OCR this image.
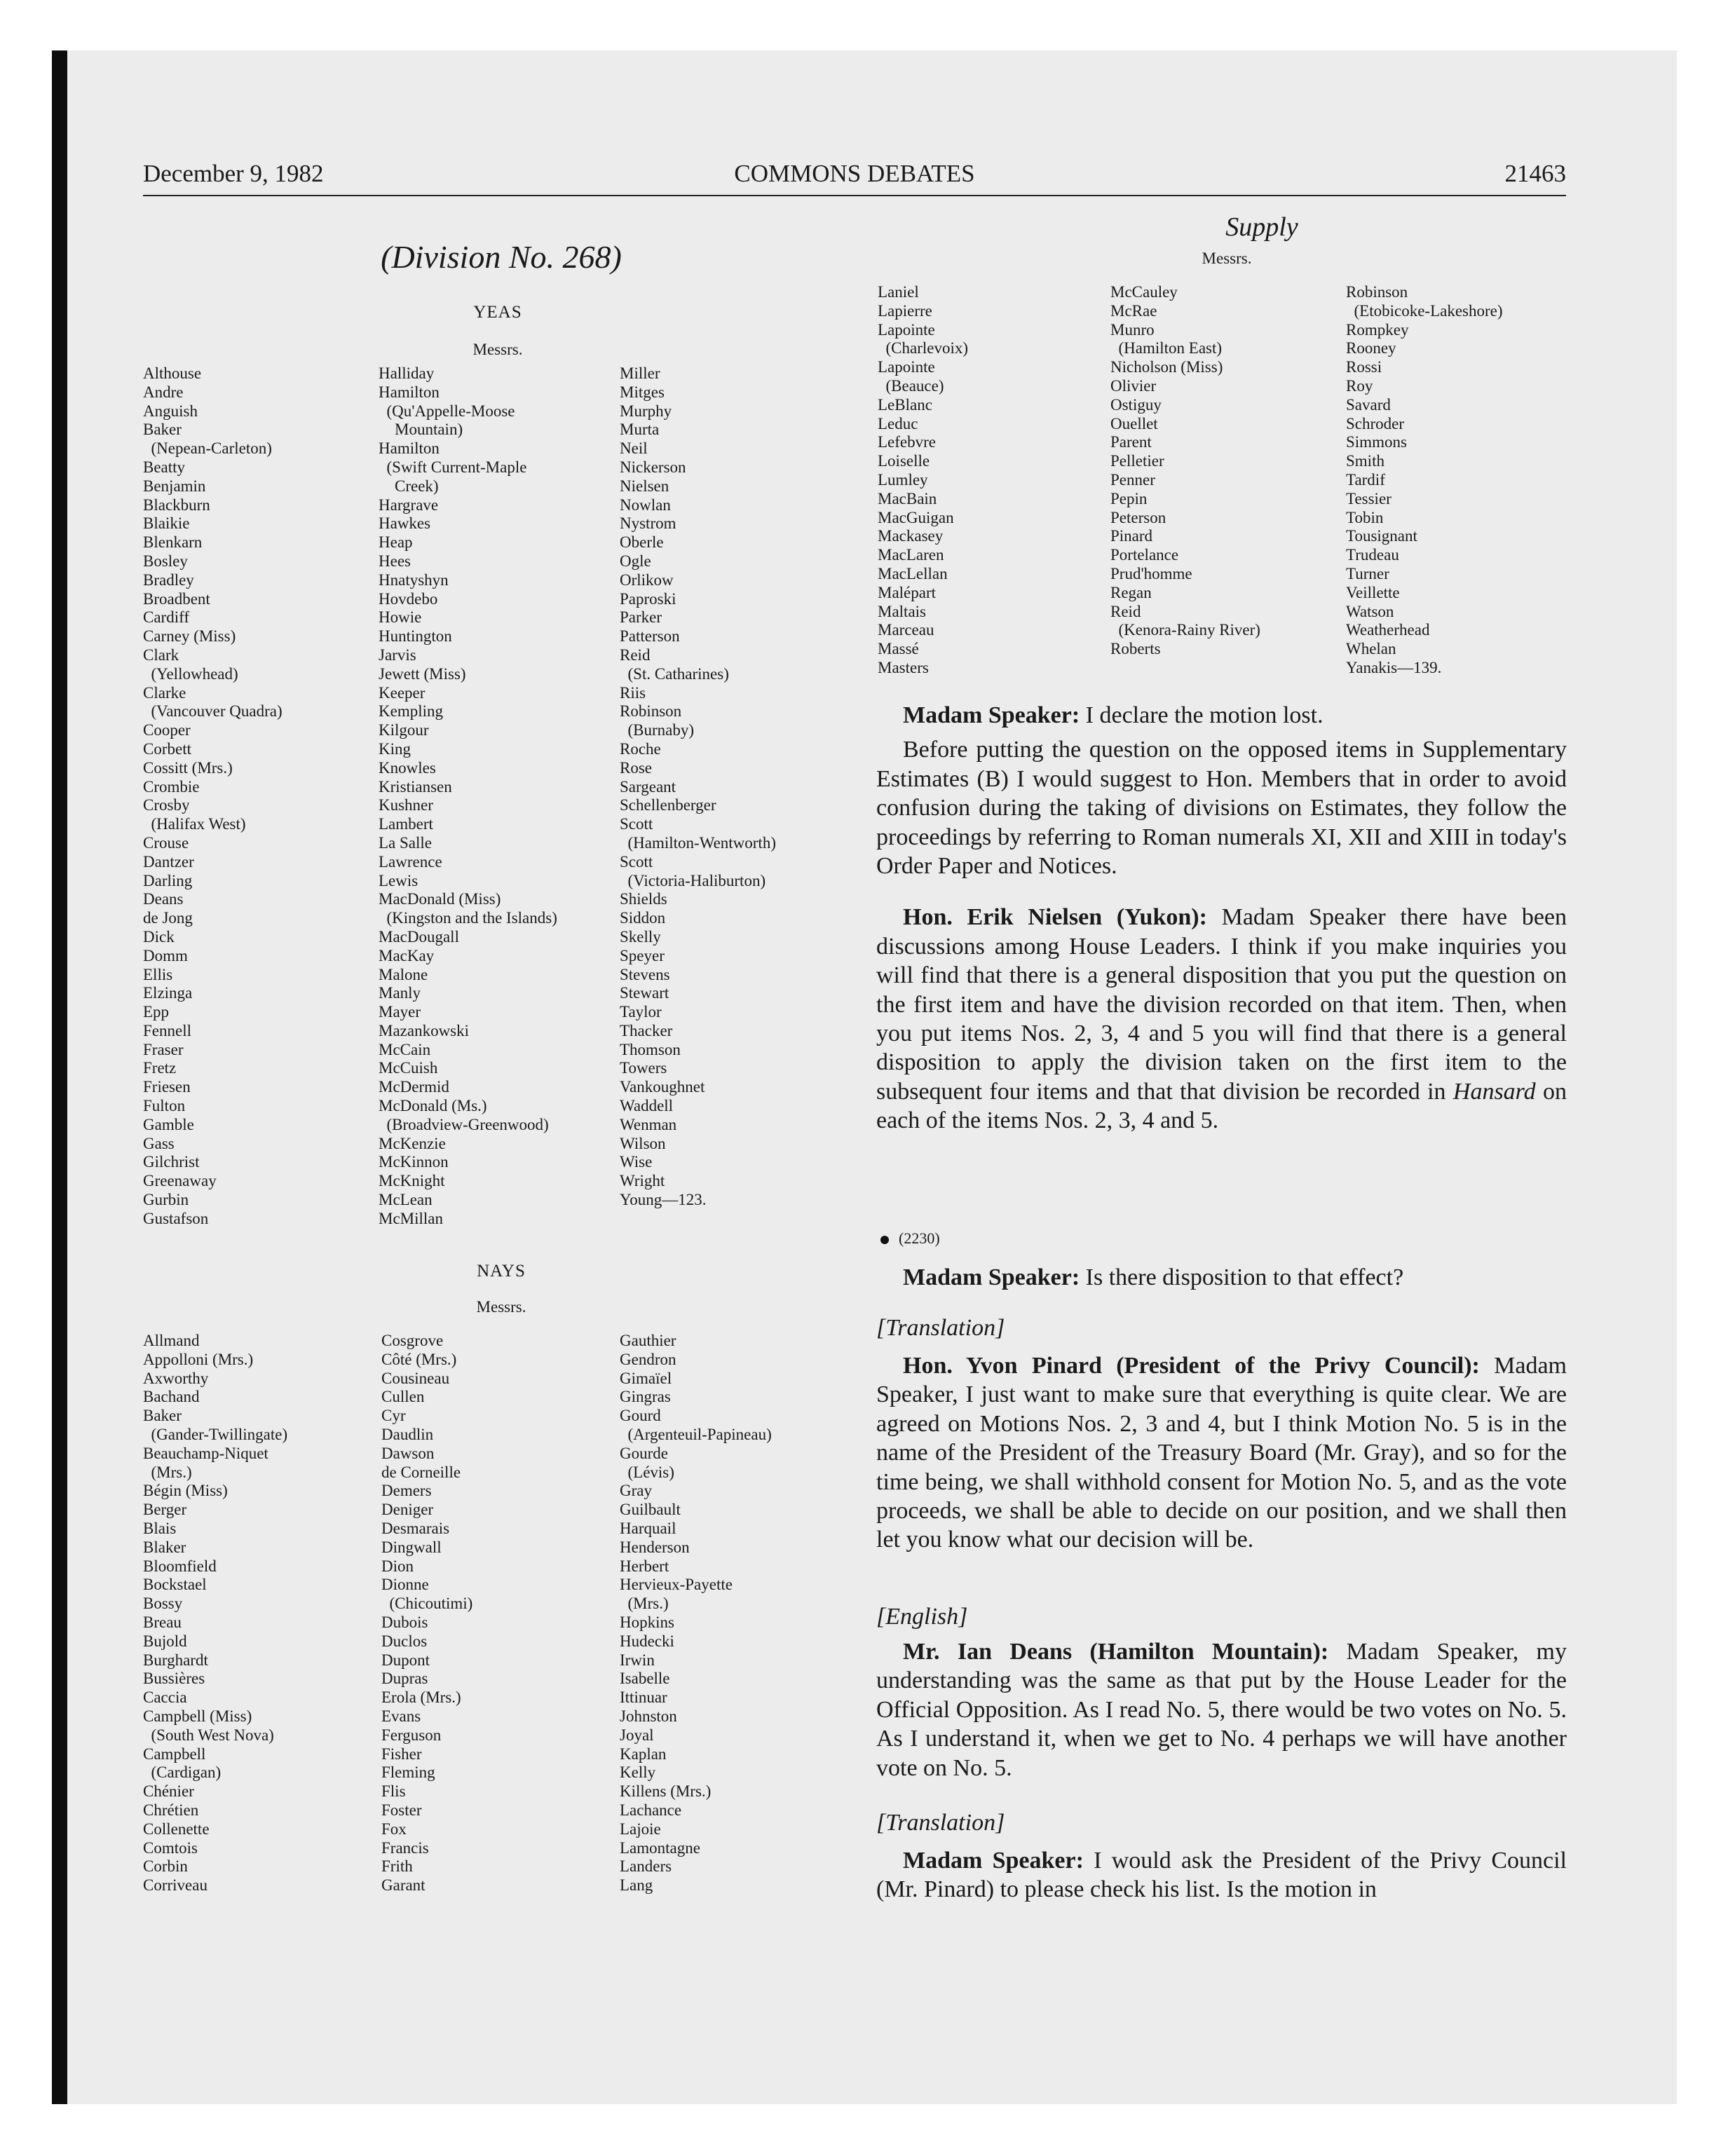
December 9, 1982	COMMONS DEBATES	21463
(Division No. 268)
YEAS
Messrs.
Althouse
Andre
Anguish
Baker
(Nepean-Carleton)
Beatty
Benjamin
Blackburn
Blaikie
Blenkarn
Bosley
Bradley
Broadbent
Cardiff
Carney (Miss)
Clark
(Yellowhead)
Clarke
(Vancouver Quadra)
Cooper
Corbett
Cossitt (Mrs.)
Crombie
Crosby
(Halifax West)
Crouse
Dantzer
Darling
Deans
de Jong
Dick
Domm
Ellis
Elzinga
Epp
Fennell
Fraser
Fretz
Friesen
Fulton
Gamble
Gass
Gilchrist
Greenaway
Gurbin
Gustafson
Halliday
Hamilton
(Qu'Appelle-Moose
Mountain)
Hamilton
(Swift Current-Maple
Creek)
Hargrave
Hawkes
Heap
Hees
Hnatyshyn
Hovdebo
Howie
Huntington
Jarvis
Jewett (Miss)
Keeper
Kempling
Kilgour
King
Knowles
Kristiansen
Kushner
Lambert
La Salle
Lawrence
Lewis
MacDonald (Miss)
(Kingston and the Islands)
MacDougall
MacKay
Malone
Manly
Mayer
Mazankowski
McCain
McCuish
McDermid
McDonald (Ms.)
(Broadview-Greenwood)
McKenzie
McKinnon
McKnight
McLean
McMillan
Miller
Mitges
Murphy
Murta
Neil
Nickerson
Nielsen
Nowlan
Nystrom
Oberle
Ogle
Orlikow
Paproski
Parker
Patterson
Reid
(St. Catharines)
Riis
Robinson
(Burnaby)
Roche
Rose
Sargeant
Schellenberger
Scott
(Hamilton-Wentworth)
Scott
(Victoria-Haliburton)
Shields
Siddon
Skelly
Speyer
Stevens
Stewart
Taylor
Thacker
Thomson
Towers
Vankoughnet
Waddell
Wenman
Wilson
Wise
Wright
Young—123.
NAYS
Messrs.
Allmand
Appolloni (Mrs.)
Axworthy
Bachand
Baker
(Gander-Twillingate)
Beauchamp-Niquet
(Mrs.)
Bégin (Miss)
Berger
Blais
Blaker
Bloomfield
Bockstael
Bossy
Breau
Bujold
Burghardt
Bussières
Caccia
Campbell (Miss)
(South West Nova)
Campbell
(Cardigan)
Chénier
Chrétien
Collenette
Comtois
Corbin
Corriveau
Cosgrove
Côté (Mrs.)
Cousineau
Cullen
Cyr
Daudlin
Dawson
de Corneille
Demers
Deniger
Desmarais
Dingwall
Dion
Dionne
(Chicoutimi)
Dubois
Duclos
Dupont
Dupras
Erola (Mrs.)
Evans
Ferguson
Fisher
Fleming
Flis
Foster
Fox
Francis
Frith
Garant
Gauthier
Gendron
Gimaïel
Gingras
Gourd
(Argenteuil-Papineau)
Gourde
(Lévis)
Gray
Guilbault
Harquail
Henderson
Herbert
Hervieux-Payette
(Mrs.)
Hopkins
Hudecki
Irwin
Isabelle
Ittinuar
Johnston
Joyal
Kaplan
Kelly
Killens (Mrs.)
Lachance
Lajoie
Lamontagne
Landers
Lang
Supply
Messrs.
Laniel
Lapierre
Lapointe
(Charlevoix)
Lapointe
(Beauce)
LeBlanc
Leduc
Lefebvre
Loiselle
Lumley
MacBain
MacGuigan
Mackasey
MacLaren
MacLellan
Malépart
Maltais
Marceau
Massé
Masters
McCauley
McRae
Munro
(Hamilton East)
Nicholson (Miss)
Olivier
Ostiguy
Ouellet
Parent
Pelletier
Penner
Pepin
Peterson
Pinard
Portelance
Prud'homme
Regan
Reid
(Kenora-Rainy River)
Roberts
Robinson
(Etobicoke-Lakeshore)
Rompkey
Rooney
Rossi
Roy
Savard
Schroder
Simmons
Smith
Tardif
Tessier
Tobin
Tousignant
Trudeau
Turner
Veillette
Watson
Weatherhead
Whelan
Yanakis—139.

Madam Speaker: I declare the motion lost.

Before putting the question on the opposed items in Supplementary Estimates (B) I would suggest to Hon. Members that in order to avoid confusion during the taking of divisions on Estimates, they follow the proceedings by referring to Roman numerals XI, XII and XIII in today's Order Paper and Notices.

Hon. Erik Nielsen (Yukon): Madam Speaker there have been discussions among House Leaders. I think if you make inquiries you will find that there is a general disposition that you put the question on the first item and have the division recorded on that item. Then, when you put items Nos. 2, 3, 4 and 5 you will find that there is a general disposition to apply the division taken on the first item to the subsequent four items and that that division be recorded in Hansard on each of the items Nos. 2, 3, 4 and 5.

(2230)

Madam Speaker: Is there disposition to that effect?

[Translation]

Hon. Yvon Pinard (President of the Privy Council): Madam Speaker, I just want to make sure that everything is quite clear. We are agreed on Motions Nos. 2, 3 and 4, but I think Motion No. 5 is in the name of the President of the Treasury Board (Mr. Gray), and so for the time being, we shall withhold consent for Motion No. 5, and as the vote proceeds, we shall be able to decide on our position, and we shall then let you know what our decision will be.

[English]

Mr. Ian Deans (Hamilton Mountain): Madam Speaker, my understanding was the same as that put by the House Leader for the Official Opposition. As I read No. 5, there would be two votes on No. 5. As I understand it, when we get to No. 4 perhaps we will have another vote on No. 5.

[Translation]

Madam Speaker: I would ask the President of the Privy Council (Mr. Pinard) to please check his list. Is the motion in
